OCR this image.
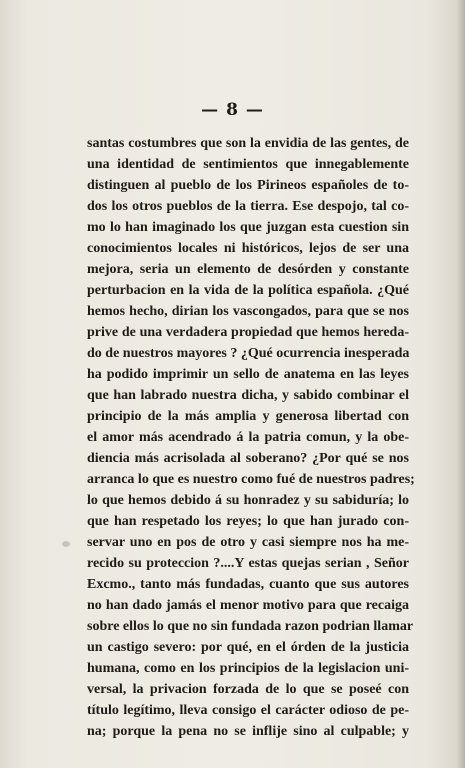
— 8 —
santas costumbres que son la envidia de las gentes, de
una identidad de sentimientos que innegablemente
distinguen al pueblo de los Pirineos españoles de to-
dos los otros pueblos de la tierra. Ese despojo, tal co-
mo lo han imaginado los que juzgan esta cuestion sin
conocimientos locales ni históricos, lejos de ser una
mejora, seria un elemento de desórden y constante
perturbacion en la vida de la política española. ¿Qué
hemos hecho, dirian los vascongados, para que se nos
prive de una verdadera propiedad que hemos hereda-
do de nuestros mayores ? ¿Qué ocurrencia inesperada
ha podido imprimir un sello de anatema en las leyes
que han labrado nuestra dicha, y sabido combinar el
principio de la más amplia y generosa libertad con
el amor más acendrado á la patria comun, y la obe-
diencia más acrisolada al soberano? ¿Por qué se nos
arranca lo que es nuestro como fué de nuestros padres;
lo que hemos debido á su honradez y su sabiduría; lo
que han respetado los reyes; lo que han jurado con-
servar uno en pos de otro y casi siempre nos ha me-
recido su proteccion ?....Y estas quejas serian , Señor
Excmo., tanto más fundadas, cuanto que sus autores
no han dado jamás el menor motivo para que recaiga
sobre ellos lo que no sin fundada razon podrian llamar
un castigo severo: por qué, en el órden de la justicia
humana, como en los principios de la legislacion uni-
versal, la privacion forzada de lo que se poseé con
título legítimo, lleva consigo el carácter odioso de pe-
na; porque la pena no se inflije sino al culpable; y
